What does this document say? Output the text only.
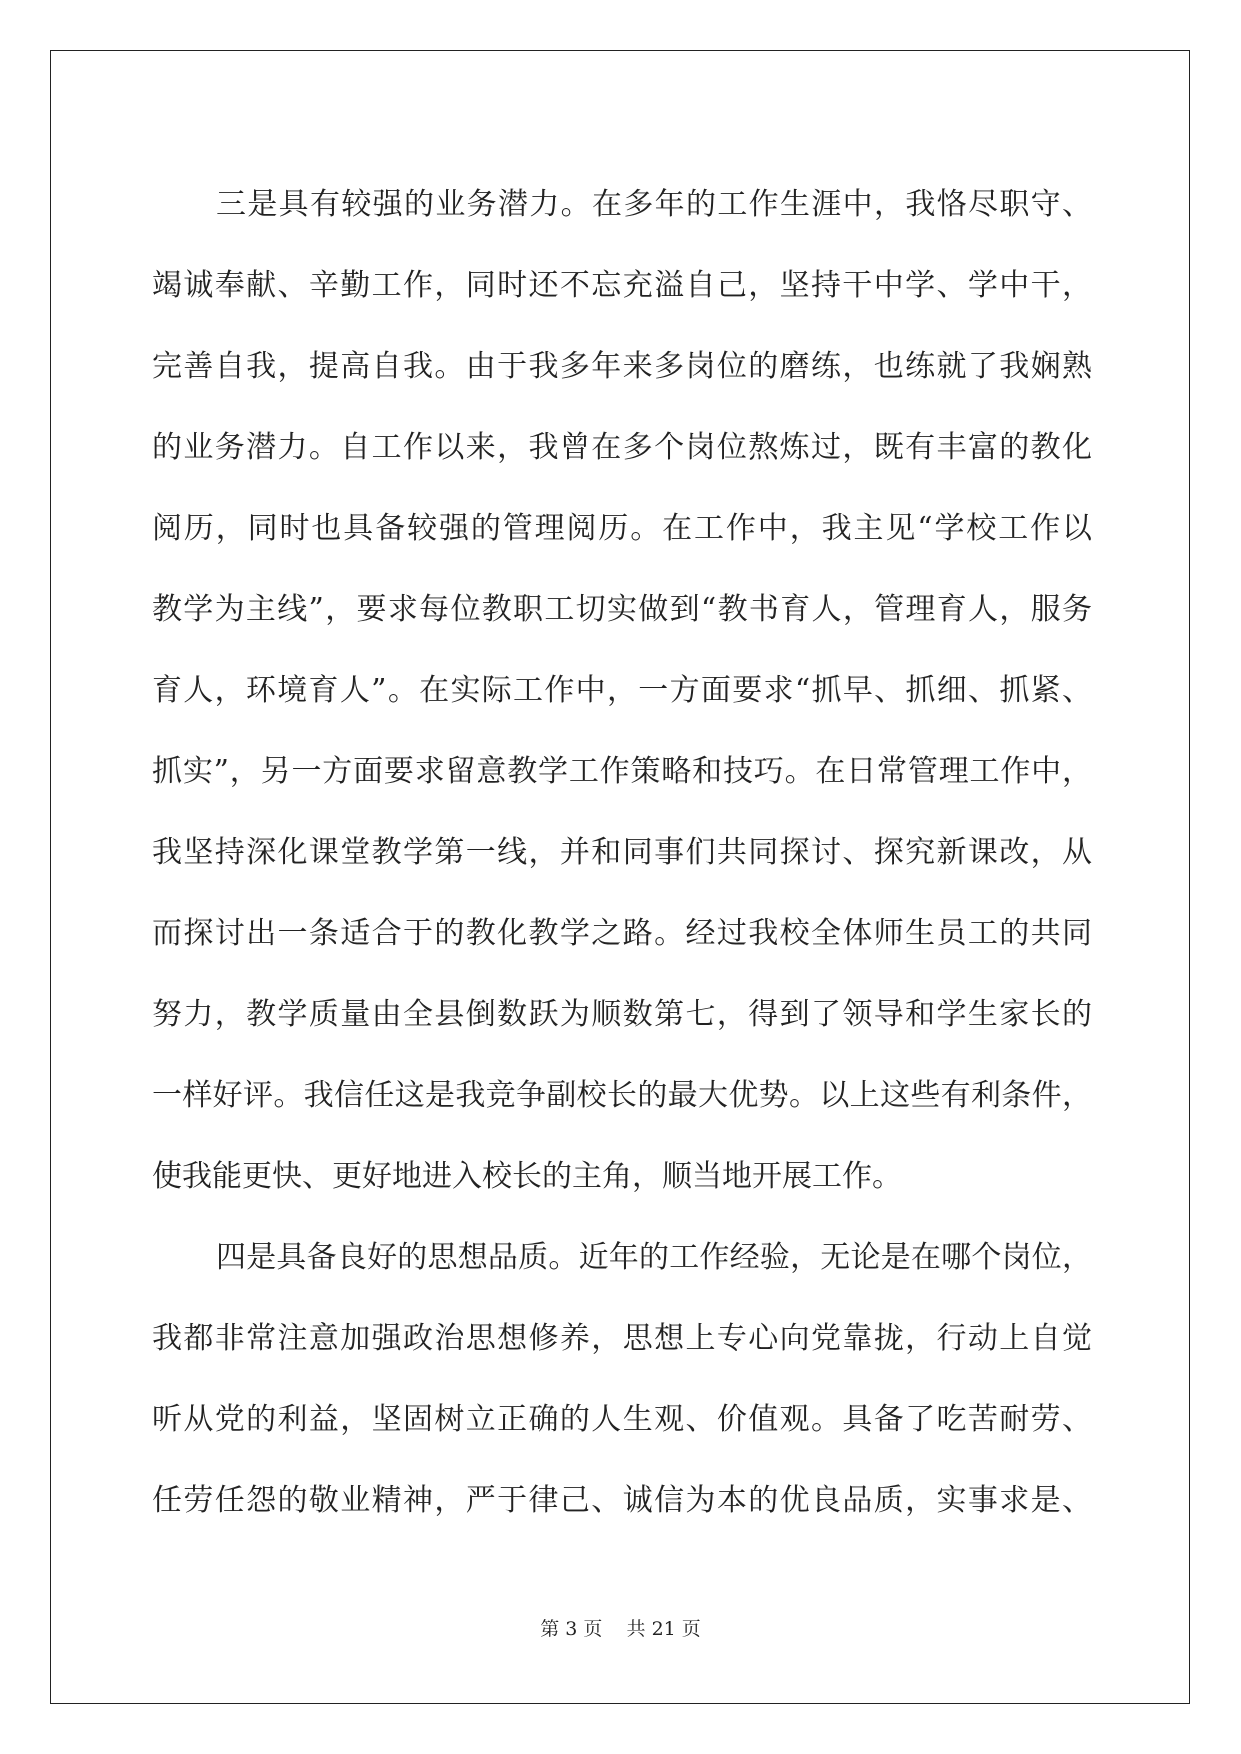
三是具有较强的业务潜力。在多年的工作生涯中，我恪尽职守、
竭诚奉献、辛勤工作，同时还不忘充溢自己，坚持干中学、学中干，
完善自我，提高自我。由于我多年来多岗位的磨练，也练就了我娴熟
的业务潜力。自工作以来，我曾在多个岗位熬炼过，既有丰富的教化
阅历，同时也具备较强的管理阅历。在工作中，我主见“学校工作以
教学为主线”，要求每位教职工切实做到“教书育人，管理育人，服务
育人，环境育人”。在实际工作中，一方面要求“抓早、抓细、抓紧、
抓实”，另一方面要求留意教学工作策略和技巧。在日常管理工作中，
我坚持深化课堂教学第一线，并和同事们共同探讨、探究新课改，从
而探讨出一条适合于的教化教学之路。经过我校全体师生员工的共同
努力，教学质量由全县倒数跃为顺数第七，得到了领导和学生家长的
一样好评。我信任这是我竞争副校长的最大优势。以上这些有利条件，
使我能更快、更好地进入校长的主角，顺当地开展工作。
四是具备良好的思想品质。近年的工作经验，无论是在哪个岗位，
我都非常注意加强政治思想修养，思想上专心向党靠拢，行动上自觉
听从党的利益，坚固树立正确的人生观、价值观。具备了吃苦耐劳、
任劳任怨的敬业精神，严于律己、诚信为本的优良品质，实事求是、
第 3 页    共 21 页
